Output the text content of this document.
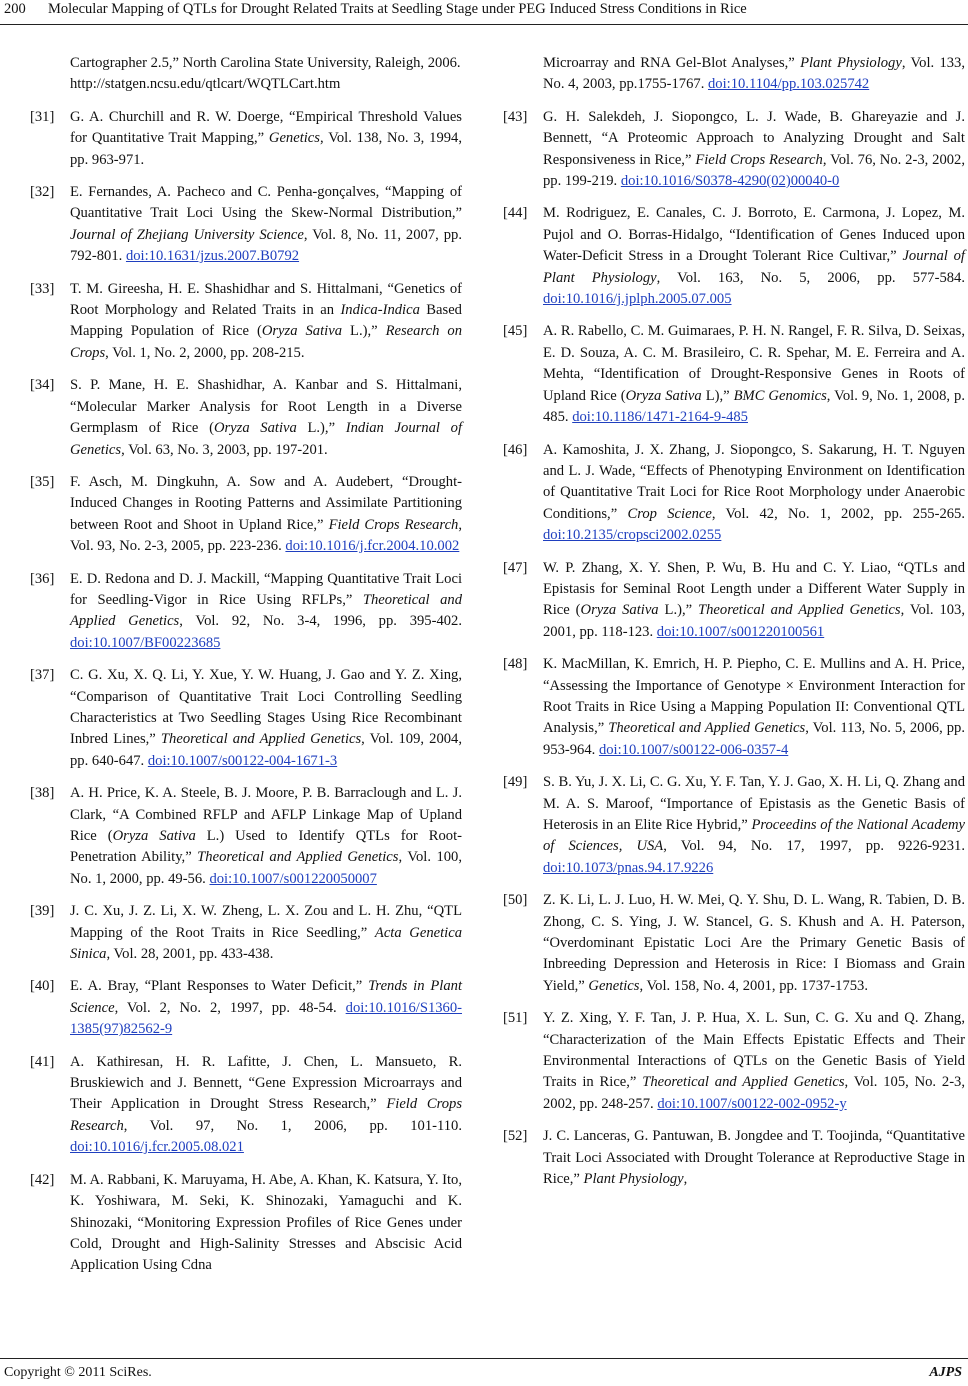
200 Molecular Mapping of QTLs for Drought Related Traits at Seedling Stage under PEG Induced Stress Conditions in Rice
Cartographer 2.5,” North Carolina State University, Raleigh, 2006.
http://statgen.ncsu.edu/qtlcart/WQTLCart.htm
[31] G. A. Churchill and R. W. Doerge, “Empirical Threshold Values for Quantitative Trait Mapping,” Genetics, Vol. 138, No. 3, 1994, pp. 963-971.
[32] E. Fernandes, A. Pacheco and C. Penha-gonçalves, “Mapping of Quantitative Trait Loci Using the Skew-Normal Distribution,” Journal of Zhejiang University Science, Vol. 8, No. 11, 2007, pp. 792-801. doi:10.1631/jzus.2007.B0792
[33] T. M. Gireesha, H. E. Shashidhar and S. Hittalmani, “Genetics of Root Morphology and Related Traits in an Indica-Indica Based Mapping Population of Rice (Oryza Sativa L.),” Research on Crops, Vol. 1, No. 2, 2000, pp. 208-215.
[34] S. P. Mane, H. E. Shashidhar, A. Kanbar and S. Hittalmani, “Molecular Marker Analysis for Root Length in a Diverse Germplasm of Rice (Oryza Sativa L.),” Indian Journal of Genetics, Vol. 63, No. 3, 2003, pp. 197-201.
[35] F. Asch, M. Dingkuhn, A. Sow and A. Audebert, “Drought-Induced Changes in Rooting Patterns and Assimilate Partitioning between Root and Shoot in Upland Rice,” Field Crops Research, Vol. 93, No. 2-3, 2005, pp. 223-236. doi:10.1016/j.fcr.2004.10.002
[36] E. D. Redona and D. J. Mackill, “Mapping Quantitative Trait Loci for Seedling-Vigor in Rice Using RFLPs,” Theoretical and Applied Genetics, Vol. 92, No. 3-4, 1996, pp. 395-402. doi:10.1007/BF00223685
[37] C. G. Xu, X. Q. Li, Y. Xue, Y. W. Huang, J. Gao and Y. Z. Xing, “Comparison of Quantitative Trait Loci Controlling Seedling Characteristics at Two Seedling Stages Using Rice Recombinant Inbred Lines,” Theoretical and Applied Genetics, Vol. 109, 2004, pp. 640-647. doi:10.1007/s00122-004-1671-3
[38] A. H. Price, K. A. Steele, B. J. Moore, P. B. Barraclough and L. J. Clark, “A Combined RFLP and AFLP Linkage Map of Upland Rice (Oryza Sativa L.) Used to Identify QTLs for Root-Penetration Ability,” Theoretical and Applied Genetics, Vol. 100, No. 1, 2000, pp. 49-56. doi:10.1007/s001220050007
[39] J. C. Xu, J. Z. Li, X. W. Zheng, L. X. Zou and L. H. Zhu, “QTL Mapping of the Root Traits in Rice Seedling,” Acta Genetica Sinica, Vol. 28, 2001, pp. 433-438.
[40] E. A. Bray, “Plant Responses to Water Deficit,” Trends in Plant Science, Vol. 2, No. 2, 1997, pp. 48-54. doi:10.1016/S1360-1385(97)82562-9
[41] A. Kathiresan, H. R. Lafitte, J. Chen, L. Mansueto, R. Bruskiewich and J. Bennett, “Gene Expression Microarrays and Their Application in Drought Stress Research,” Field Crops Research, Vol. 97, No. 1, 2006, pp. 101-110. doi:10.1016/j.fcr.2005.08.021
[42] M. A. Rabbani, K. Maruyama, H. Abe, A. Khan, K. Katsura, Y. Ito, K. Yoshiwara, M. Seki, K. Shinozaki, Yamaguchi and K. Shinozaki, “Monitoring Expression Profiles of Rice Genes under Cold, Drought and High-Salinity Stresses and Abscisic Acid Application Using Cdna
Microarray and RNA Gel-Blot Analyses,” Plant Physiology, Vol. 133, No. 4, 2003, pp.1755-1767. doi:10.1104/pp.103.025742
[43] G. H. Salekdeh, J. Siopongco, L. J. Wade, B. Ghareyazie and J. Bennett, “A Proteomic Approach to Analyzing Drought and Salt Responsiveness in Rice,” Field Crops Research, Vol. 76, No. 2-3, 2002, pp. 199-219. doi:10.1016/S0378-4290(02)00040-0
[44] M. Rodriguez, E. Canales, C. J. Borroto, E. Carmona, J. Lopez, M. Pujol and O. Borras-Hidalgo, “Identification of Genes Induced upon Water-Deficit Stress in a Drought Tolerant Rice Cultivar,” Journal of Plant Physiology, Vol. 163, No. 5, 2006, pp. 577-584. doi:10.1016/j.jplph.2005.07.005
[45] A. R. Rabello, C. M. Guimaraes, P. H. N. Rangel, F. R. Silva, D. Seixas, E. D. Souza, A. C. M. Brasileiro, C. R. Spehar, M. E. Ferreira and A. Mehta, “Identification of Drought-Responsive Genes in Roots of Upland Rice (Oryza Sativa L),” BMC Genomics, Vol. 9, No. 1, 2008, p. 485. doi:10.1186/1471-2164-9-485
[46] A. Kamoshita, J. X. Zhang, J. Siopongco, S. Sakarung, H. T. Nguyen and L. J. Wade, “Effects of Phenotyping Environment on Identification of Quantitative Trait Loci for Rice Root Morphology under Anaerobic Conditions,” Crop Science, Vol. 42, No. 1, 2002, pp. 255-265. doi:10.2135/cropsci2002.0255
[47] W. P. Zhang, X. Y. Shen, P. Wu, B. Hu and C. Y. Liao, “QTLs and Epistasis for Seminal Root Length under a Different Water Supply in Rice (Oryza Sativa L.),” Theoretical and Applied Genetics, Vol. 103, 2001, pp. 118-123. doi:10.1007/s001220100561
[48] K. MacMillan, K. Emrich, H. P. Piepho, C. E. Mullins and A. H. Price, “Assessing the Importance of Genotype × Environment Interaction for Root Traits in Rice Using a Mapping Population II: Conventional QTL Analysis,” Theoretical and Applied Genetics, Vol. 113, No. 5, 2006, pp. 953-964. doi:10.1007/s00122-006-0357-4
[49] S. B. Yu, J. X. Li, C. G. Xu, Y. F. Tan, Y. J. Gao, X. H. Li, Q. Zhang and M. A. S. Maroof, “Importance of Epistasis as the Genetic Basis of Heterosis in an Elite Rice Hybrid,” Proceedins of the National Academy of Sciences, USA, Vol. 94, No. 17, 1997, pp. 9226-9231. doi:10.1073/pnas.94.17.9226
[50] Z. K. Li, L. J. Luo, H. W. Mei, Q. Y. Shu, D. L. Wang, R. Tabien, D. B. Zhong, C. S. Ying, J. W. Stancel, G. S. Khush and A. H. Paterson, “Overdominant Epistatic Loci Are the Primary Genetic Basis of Inbreeding Depression and Heterosis in Rice: I Biomass and Grain Yield,” Genetics, Vol. 158, No. 4, 2001, pp. 1737-1753.
[51] Y. Z. Xing, Y. F. Tan, J. P. Hua, X. L. Sun, C. G. Xu and Q. Zhang, “Characterization of the Main Effects Epistatic Effects and Their Environmental Interactions of QTLs on the Genetic Basis of Yield Traits in Rice,” Theoretical and Applied Genetics, Vol. 105, No. 2-3, 2002, pp. 248-257. doi:10.1007/s00122-002-0952-y
[52] J. C. Lanceras, G. Pantuwan, B. Jongdee and T. Toojinda, “Quantitative Trait Loci Associated with Drought Tolerance at Reproductive Stage in Rice,” Plant Physiology,
Copyright © 2011 SciRes.	AJPS
